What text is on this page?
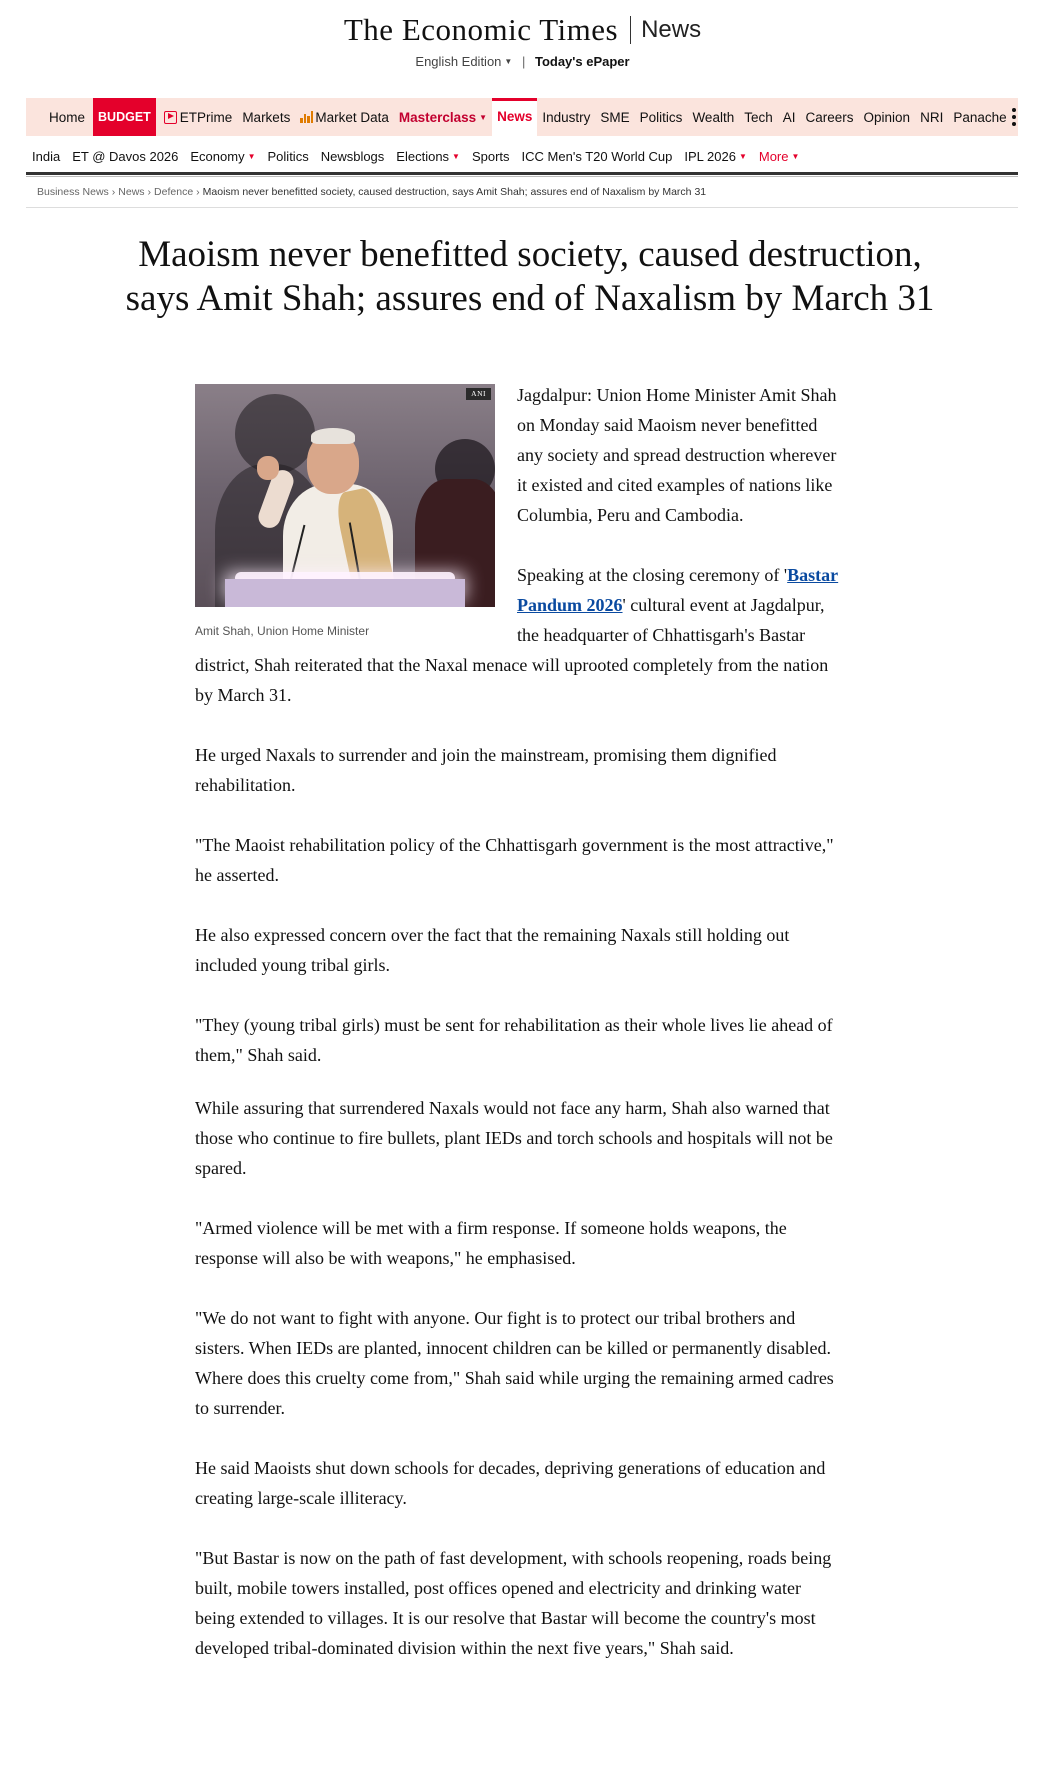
The Economic Times News
English Edition ▼ | Today's ePaper
Home	BUDGET	ETPrime Markets	Market Data Masterclass ▼ News Industry SME Politics Wealth Tech AI Careers Opinion NRI Panache
India ET @ Davos 2026 Economy ▼ Politics Newsblogs Elections ▼ Sports ICC Men's T20 World Cup IPL 2026 ▼ More ▼
Business News › News › Defence › Maoism never benefitted society, caused destruction, says Amit Shah; assures end of Naxalism by March 31
Maoism never benefitted society, caused destruction, says Amit Shah; assures end of Naxalism by March 31
ANI
Amit Shah, Union Home Minister

Jagdalpur: Union Home Minister Amit Shah on Monday said Maoism never benefitted any society and spread destruction wherever it existed and cited examples of nations like Columbia, Peru and Cambodia.

Speaking at the closing ceremony of 'Bastar Pandum 2026' cultural event at Jagdalpur, the headquarter of Chhattisgarh's Bastar district, Shah reiterated that the Naxal menace will uprooted completely from the nation by March 31.

He urged Naxals to surrender and join the mainstream, promising them dignified rehabilitation.

"The Maoist rehabilitation policy of the Chhattisgarh government is the most attractive," he asserted.

He also expressed concern over the fact that the remaining Naxals still holding out included young tribal girls.

"They (young tribal girls) must be sent for rehabilitation as their whole lives lie ahead of them," Shah said.

While assuring that surrendered Naxals would not face any harm, Shah also warned that those who continue to fire bullets, plant IEDs and torch schools and hospitals will not be spared.

"Armed violence will be met with a firm response. If someone holds weapons, the response will also be with weapons," he emphasised.

"We do not want to fight with anyone. Our fight is to protect our tribal brothers and sisters. When IEDs are planted, innocent children can be killed or permanently disabled. Where does this cruelty come from," Shah said while urging the remaining armed cadres to surrender.

He said Maoists shut down schools for decades, depriving generations of education and creating large-scale illiteracy.

"But Bastar is now on the path of fast development, with schools reopening, roads being built, mobile towers installed, post offices opened and electricity and drinking water being extended to villages. It is our resolve that Bastar will become the country's most developed tribal-dominated division within the next five years," Shah said.
